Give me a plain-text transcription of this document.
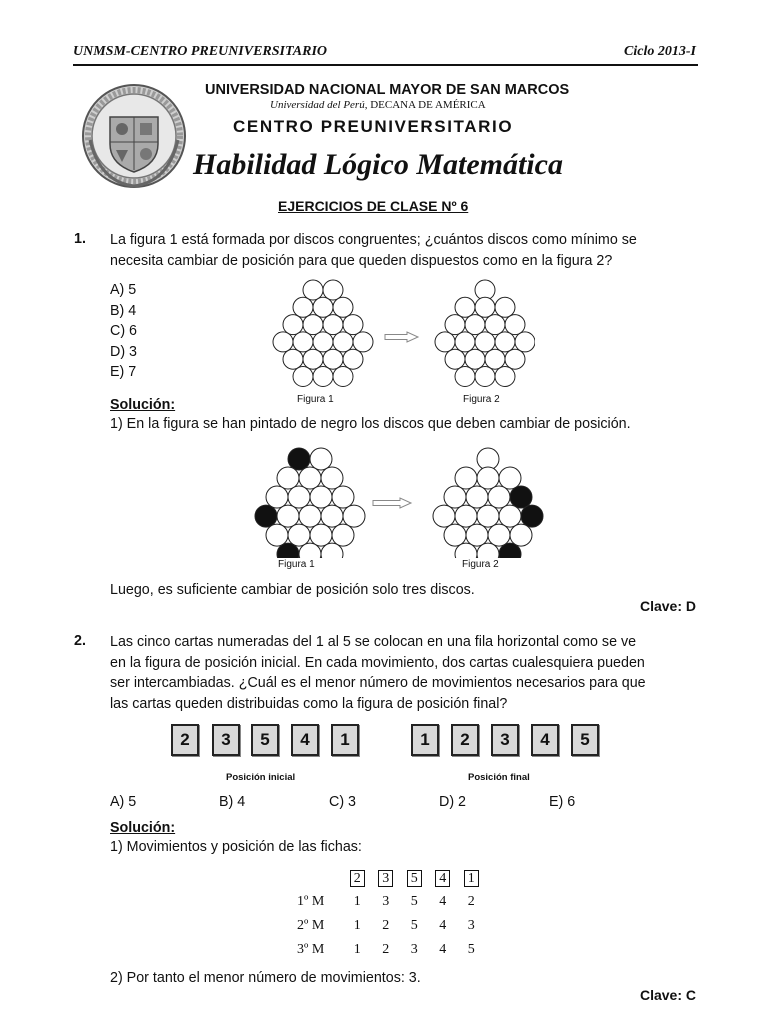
UNMSM-CENTRO PREUNIVERSITARIO	Ciclo 2013-I
UNIVERSIDAD NACIONAL MAYOR DE SAN MARCOS
Universidad del Perú, DECANA DE AMÉRICA
CENTRO PREUNIVERSITARIO
Habilidad Lógico Matemática
EJERCICIOS DE CLASE Nº 6
1. La figura 1 está formada por discos congruentes; ¿cuántos discos como mínimo se
necesita cambiar de posición para que queden dispuestos como en la figura 2?
A) 5
B) 4
C) 6
D) 3
E) 7
Figura 1	Figura 2
Solución:
1) En la figura se han pintado de negro los discos que deben cambiar de posición.
Figura 1	Figura 2
Luego, es suficiente cambiar de posición solo tres discos.
Clave: D
2. Las cinco cartas numeradas del 1 al 5 se colocan en una fila horizontal como se ve
en la figura de posición inicial. En cada movimiento, dos cartas cualesquiera pueden
ser intercambiadas. ¿Cuál es el menor número de movimientos necesarios para que
las cartas queden distribuidas como la figura de posición final?
2	3	5	4	1	1	2	3	4	5
Posición inicial	Posición final
A) 5	B) 4	C) 3	D) 2	E) 6
Solución:
1) Movimientos y posición de las fichas:
	2	3	5	4	1
1º M	1	3	5	4	2
2º M	1	2	5	4	3
3º M	1	2	3	4	5
2) Por tanto el menor número de movimientos: 3.
Clave: C
